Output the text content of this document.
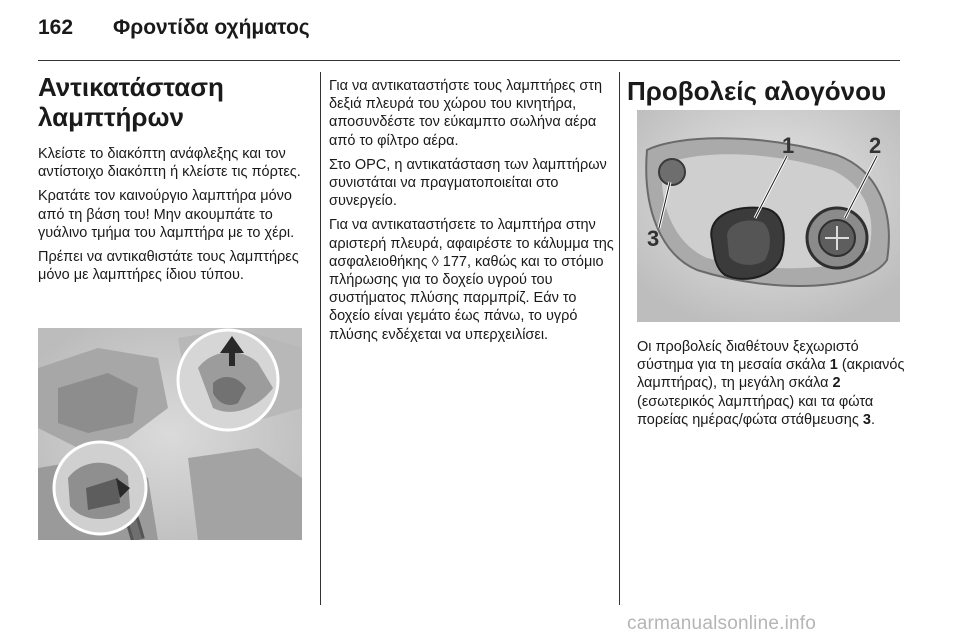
162 Φροντίδα οχήματος
Αντικατάσταση
λαμπτήρων

Κλείστε το διακόπτη ανάφλεξης και τον αντίστοιχο διακόπτη ή κλείστε τις πόρτες.

Κρατάτε τον καινούργιο λαμπτήρα μόνο από τη βάση του! Μην ακουμπάτε το γυάλινο τμήμα του λαμπτήρα με το χέρι.

Πρέπει να αντικαθιστάτε τους λαμπτήρες μόνο με λαμπτήρες ίδιου τύπου.

Για να αντικαταστήστε τους λαμπτήρες στη δεξιά πλευρά του χώρου του κινητήρα, αποσυνδέστε τον εύκαμπτο σωλήνα αέρα από το φίλτρο αέρα.

Στο OPC, η αντικατάσταση των λαμπτήρων συνιστάται να πραγματοποιείται στο συνεργείο.

Για να αντικαταστήσετε το λαμπτήρα στην αριστερή πλευρά, αφαιρέστε το κάλυμμα της ασφαλειοθήκης ◊ 177, καθώς και το στόμιο πλήρωσης για το δοχείο υγρού του συστήματος πλύσης παρμπρίζ. Εάν το δοχείο είναι γεμάτο έως πάνω, το υγρό πλύσης ενδέχεται να υπερχειλίσει.

Προβολείς αλογόνου
1	2
3

Οι προβολείς διαθέτουν ξεχωριστό σύστημα για τη μεσαία σκάλα 1 (ακριανός λαμπτήρας), τη μεγάλη σκάλα 2 (εσωτερικός λαμπτήρας) και τα φώτα πορείας ημέρας/φώτα στάθμευσης 3.

carmanualsonline.info
